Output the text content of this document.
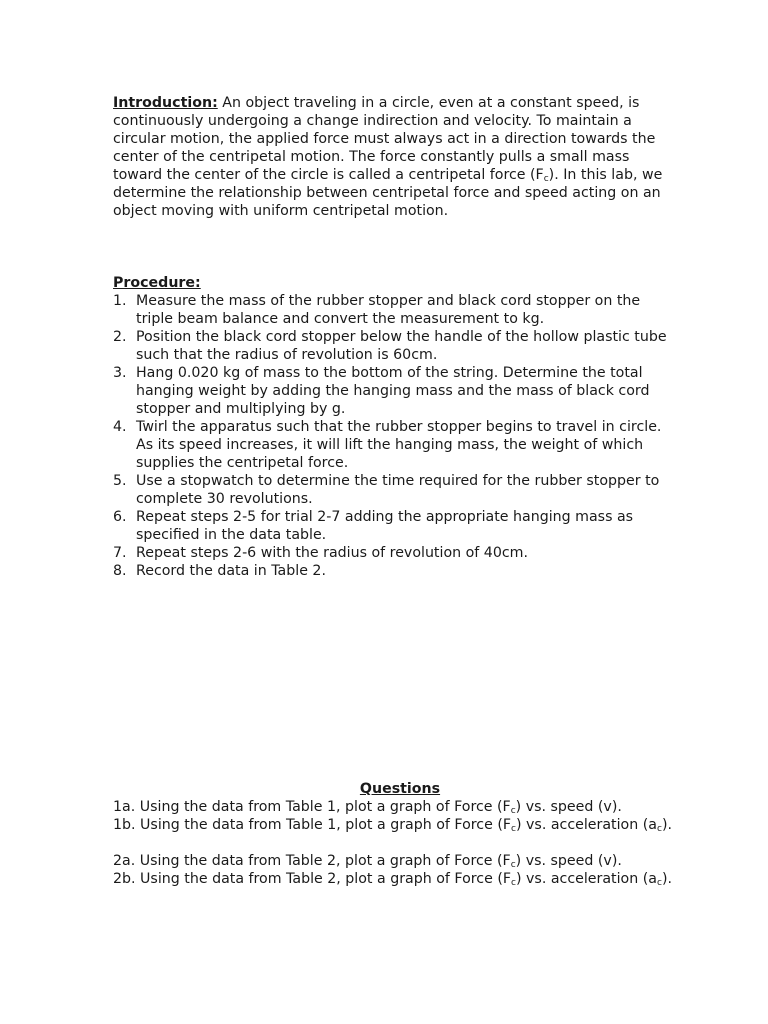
Introduction: An object traveling in a circle, even at a constant speed, is continuously undergoing a change indirection and velocity. To maintain a circular motion, the applied force must always act in a direction towards the center of the centripetal motion. The force constantly pulls a small mass toward the center of the circle is called a centripetal force $(F_c)$. In this lab, we determine the relationship between centripetal force and speed acting on an object moving with uniform centripetal motion.

Procedure:
1. Measure the mass of the rubber stopper and black cord stopper on the triple beam balance and convert the measurement to kg.
2. Position the black cord stopper below the handle of the hollow plastic tube such that the radius of revolution is 60cm.
3. Hang 0.020 kg of mass to the bottom of the string. Determine the total hanging weight by adding the hanging mass and the mass of black cord stopper and multiplying by g.
4. Twirl the apparatus such that the rubber stopper begins to travel in circle. As its speed increases, it will lift the hanging mass, the weight of which supplies the centripetal force.
5. Use a stopwatch to determine the time required for the rubber stopper to complete 30 revolutions.
6. Repeat steps 2-5 for trial 2-7 adding the appropriate hanging mass as specified in the data table.
7. Repeat steps 2-6 with the radius of revolution of 40cm.
8. Record the data in Table 2.

Questions

1a. Using the data from Table 1, plot a graph of Force $(F_c)$ vs. speed (v).

1b. Using the data from Table 1, plot a graph of Force $(F_c)$ vs. acceleration $(a_c)$.

2a. Using the data from Table 2, plot a graph of Force $(F_c)$ vs. speed (v).

2b. Using the data from Table 2, plot a graph of Force $(F_c)$ vs. acceleration $(a_c)$.
